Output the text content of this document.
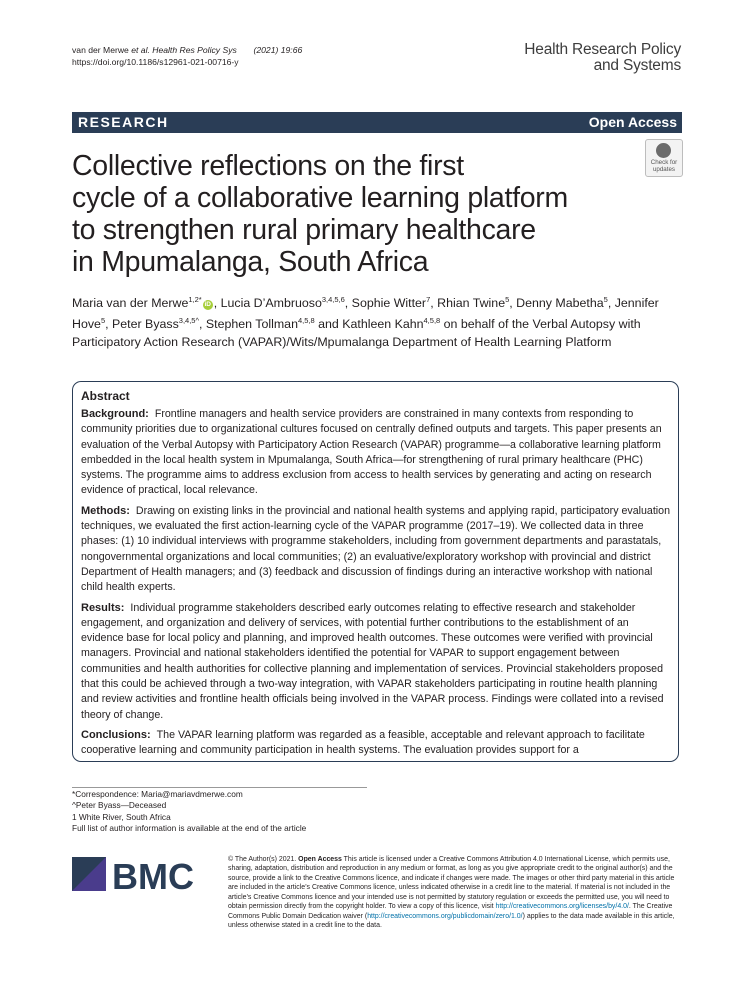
van der Merwe et al. Health Res Policy Sys (2021) 19:66
https://doi.org/10.1186/s12961-021-00716-y
Health Research Policy
and Systems
RESEARCH	Open Access
Check for
updates
Collective reflections on the first
cycle of a collaborative learning platform
to strengthen rural primary healthcare
in Mpumalanga, South Africa
Maria van der Merwe$^{1,2*}$iD , Lucia D’Ambruoso$^{3,4,5,6}$, Sophie Witter$^7$, Rhian Twine$^5$, Denny Mabetha$^5$, Jennifer Hove$^5$, Peter Byass$^{3,4,5\^{}}$, Stephen Tollman$^{4,5,8}$ and Kathleen Kahn$^{4,5,8}$ on behalf of the Verbal Autopsy with Participatory Action Research (VAPAR)/Wits/Mpumalanga Department of Health Learning Platform
Abstract

Background: Frontline managers and health service providers are constrained in many contexts from responding to community priorities due to organizational cultures focused on centrally defined outputs and targets. This paper presents an evaluation of the Verbal Autopsy with Participatory Action Research (VAPAR) programme—a collaborative learning platform embedded in the local health system in Mpumalanga, South Africa—for strengthening of rural primary healthcare (PHC) systems. The programme aims to address exclusion from access to health services by generating and acting on research evidence of practical, local relevance.

Methods: Drawing on existing links in the provincial and national health systems and applying rapid, participatory evaluation techniques, we evaluated the first action-learning cycle of the VAPAR programme (2017–19). We collected data in three phases: (1) 10 individual interviews with programme stakeholders, including from government departments and parastatals, nongovernmental organizations and local communities; (2) an evaluative/exploratory workshop with provincial and district Department of Health managers; and (3) feedback and discussion of findings during an interactive workshop with national child health experts.

Results: Individual programme stakeholders described early outcomes relating to effective research and stakeholder engagement, and organization and delivery of services, with potential further contributions to the establishment of an evidence base for local policy and planning, and improved health outcomes. These outcomes were verified with provincial managers. Provincial and national stakeholders identified the potential for VAPAR to support engagement between communities and health authorities for collective planning and implementation of services. Provincial stakeholders proposed that this could be achieved through a two-way integration, with VAPAR stakeholders participating in routine health planning and review activities and frontline health officials being involved in the VAPAR process. Findings were collated into a revised theory of change.

Conclusions: The VAPAR learning platform was regarded as a feasible, acceptable and relevant approach to facilitate cooperative learning and community participation in health systems. The evaluation provides support for a

*Correspondence: Maria@mariavdmerwe.com
^Peter Byass—Deceased
1 White River, South Africa
Full list of author information is available at the end of the article
BMC	© The Author(s) 2021. Open Access This article is licensed under a Creative Commons Attribution 4.0 International License, which permits use, sharing, adaptation, distribution and reproduction in any medium or format, as long as you give appropriate credit to the original author(s) and the source, provide a link to the Creative Commons licence, and indicate if changes were made. The images or other third party material in this article are included in the article’s Creative Commons licence, unless indicated otherwise in a credit line to the material. If material is not included in the article’s Creative Commons licence and your intended use is not permitted by statutory regulation or exceeds the permitted use, you will need to obtain permission directly from the copyright holder. To view a copy of this licence, visit http://creativecommons.org/licenses/by/4.0/. The Creative Commons Public Domain Dedication waiver (http://creativecommons.org/publicdomain/zero/1.0/) applies to the data made available in this article, unless otherwise stated in a credit line to the data.
